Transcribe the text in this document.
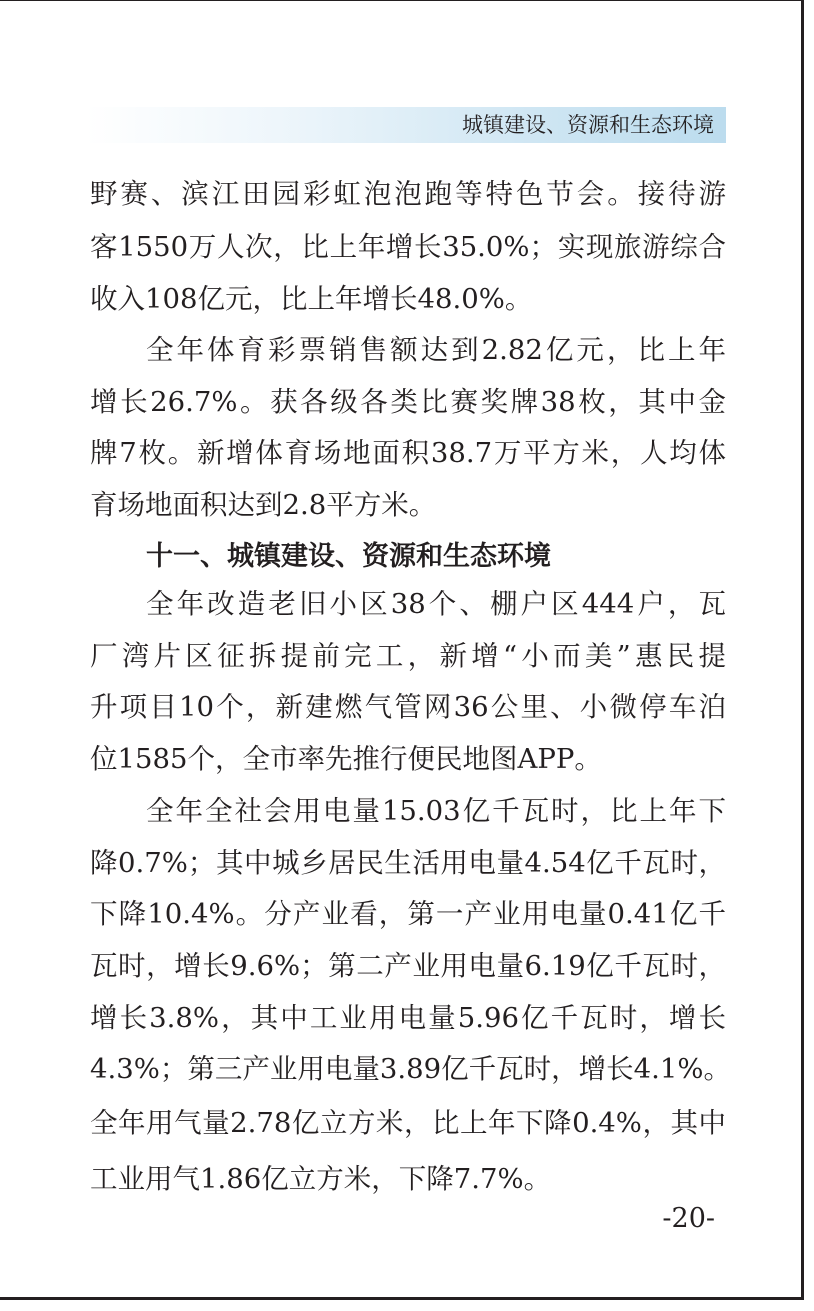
城镇建设、资源和生态环境
野赛、滨江田园彩虹泡泡跑等特色节会。接待游
客1550万人次，比上年增长35.0%；实现旅游综合
收入108亿元，比上年增长48.0%。
全年体育彩票销售额达到2.82亿元，比上年
增长26.7%。获各级各类比赛奖牌38枚，其中金
牌7枚。新增体育场地面积38.7万平方米，人均体
育场地面积达到2.8平方米。
十一、城镇建设、资源和生态环境
全年改造老旧小区38个、棚户区444户，瓦
厂湾片区征拆提前完工，新增“小而美”惠民提
升项目10个，新建燃气管网36公里、小微停车泊
位1585个，全市率先推行便民地图APP。
全年全社会用电量15.03亿千瓦时，比上年下
降0.7%；其中城乡居民生活用电量4.54亿千瓦时，
下降10.4%。分产业看，第一产业用电量0.41亿千
瓦时，增长9.6%；第二产业用电量6.19亿千瓦时，
增长3.8%，其中工业用电量5.96亿千瓦时，增长
4.3%；第三产业用电量3.89亿千瓦时，增长4.1%。
全年用气量2.78亿立方米，比上年下降0.4%，其中
工业用气1.86亿立方米，下降7.7%。
-20-
